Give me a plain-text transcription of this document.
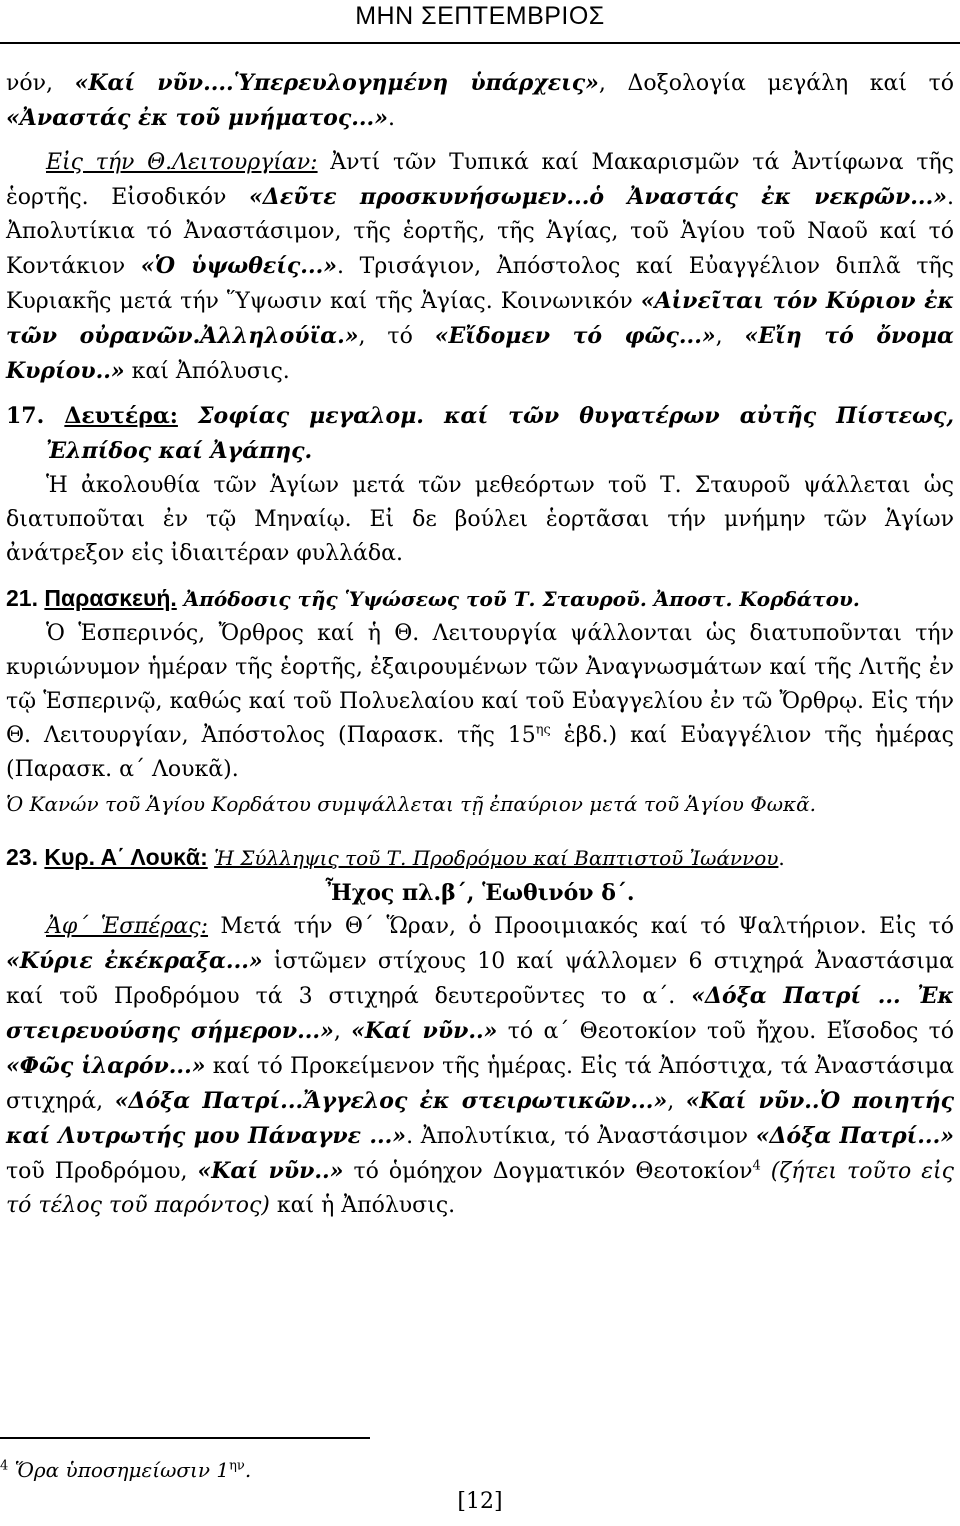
ΜΗΝ ΣΕΠΤΕΜΒΡΙΟΣ

νόν, «Καί νῦν....Ὑπερευλογημένη ὑπάρχεις», Δοξολογία μεγάλη καί τό «Ἀναστάς ἐκ τοῦ μνήματος...».

Εἰς τήν Θ.Λειτουργίαν: Ἀντί τῶν Τυπικά καί Μακαρισμῶν τά Ἀντίφωνα τῆς ἑορτῆς. Εἰσοδικόν «Δεῦτε προσκυνήσωμεν...ὁ Ἀναστάς ἐκ νεκρῶν...». Ἀπολυτίκια τό Ἀναστάσιμον, τῆς ἑορτῆς, τῆς Ἁγίας, τοῦ Ἁγίου τοῦ Ναοῦ καί τό Κοντάκιον «Ὁ ὑψωθείς...». Τρισάγιον, Ἀπόστολος καί Εὐαγγέλιον διπλᾶ τῆς Κυριακῆς μετά τήν Ὕψωσιν καί τῆς Ἁγίας. Κοινωνικόν «Αἰνεῖται τόν Κύριον ἐκ τῶν οὐρανῶν.Ἀλληλούϊα.», τό «Εἴδομεν τό φῶς...», «Εἴη τό ὄνομα Κυρίου..» καί Ἀπόλυσις.

17. Δευτέρα: Σοφίας μεγαλομ. καί τῶν θυγατέρων αὐτῆς Πίστεως, Ἐλπίδος καί Ἀγάπης.

Ἡ ἀκολουθία τῶν Ἁγίων μετά τῶν μεθεόρτων τοῦ Τ. Σταυροῦ ψάλλεται ὡς διατυποῦται ἐν τῷ Μηναίῳ. Εἰ δε βούλει ἑορτᾶσαι τήν μνήμην τῶν Ἁγίων ἀνάτρεξον εἰς ἰδιαιτέραν φυλλάδα.

21. Παρασκευή. Ἀπόδοσις τῆς Ὑψώσεως τοῦ Τ. Σταυροῦ. Ἀποστ. Κορδάτου.

Ὁ Ἑσπερινός, Ὄρθρος καί ἡ Θ. Λειτουργία ψάλλονται ὡς διατυποῦνται τήν κυριώνυμον ἡμέραν τῆς ἑορτῆς, ἐξαιρουμένων τῶν Ἀναγνωσμάτων καί τῆς Λιτῆς ἐν τῷ Ἑσπερινῷ, καθώς καί τοῦ Πολυελαίου καί τοῦ Εὐαγγελίου ἐν τῶ Ὄρθρῳ. Εἰς τήν Θ. Λειτουργίαν, Ἀπόστολος (Παρασκ. τῆς $15^{\eta\varsigma}$ ἑβδ.) καί Εὐαγγέλιον τῆς ἡμέρας (Παρασκ. α΄ Λουκᾶ).

Ὁ Κανών τοῦ Ἁγίου Κορδάτου συμψάλλεται τῇ ἐπαύριον μετά τοῦ Ἁγίου Φωκᾶ.

23. Κυρ. Α΄ Λουκᾶ: Ἡ Σύλληψις τοῦ Τ. Προδρόμου καί Βαπτιστοῦ Ἰωάννου.

Ἦχος πλ.β΄, Ἑωθινόν δ΄.

Ἀφ΄ Ἑσπέρας: Μετά τήν Θ΄ Ὥραν, ὁ Προοιμιακός καί τό Ψαλτήριον. Εἰς τό «Κύριε ἐκέκραξα...» ἱστῶμεν στίχους 10 καί ψάλλομεν 6 στιχηρά Ἀναστάσιμα καί τοῦ Προδρόμου τά 3 στιχηρά δευτεροῦντες το α΄. «Δόξα Πατρί ... Ἐκ στειρευούσης σήμερον...», «Καί νῦν..» τό α΄ Θεοτοκίον τοῦ ἤχου. Εἴσοδος τό «Φῶς ἱλαρόν...» καί τό Προκείμενον τῆς ἡμέρας. Εἰς τά Ἀπόστιχα, τά Ἀναστάσιμα στιχηρά, «Δόξα Πατρί...Ἄγγελος ἐκ στειρωτικῶν...», «Καί νῦν..Ὁ ποιητής καί Λυτρωτής μου Πάναγνε ...». Ἀπολυτίκια, τό Ἀναστάσιμον «Δόξα Πατρί...» τοῦ Προδρόμου, «Καί νῦν..» τό ὁμόηχον Δογματικόν Θεοτοκίον$^4$ (ζήτει τοῦτο εἰς τό τέλος τοῦ παρόντος) καί ἡ Ἀπόλυσις.

$^4$ Ὅρα ὑποσημείωσιν $1^{\eta\nu}$.
[12]
